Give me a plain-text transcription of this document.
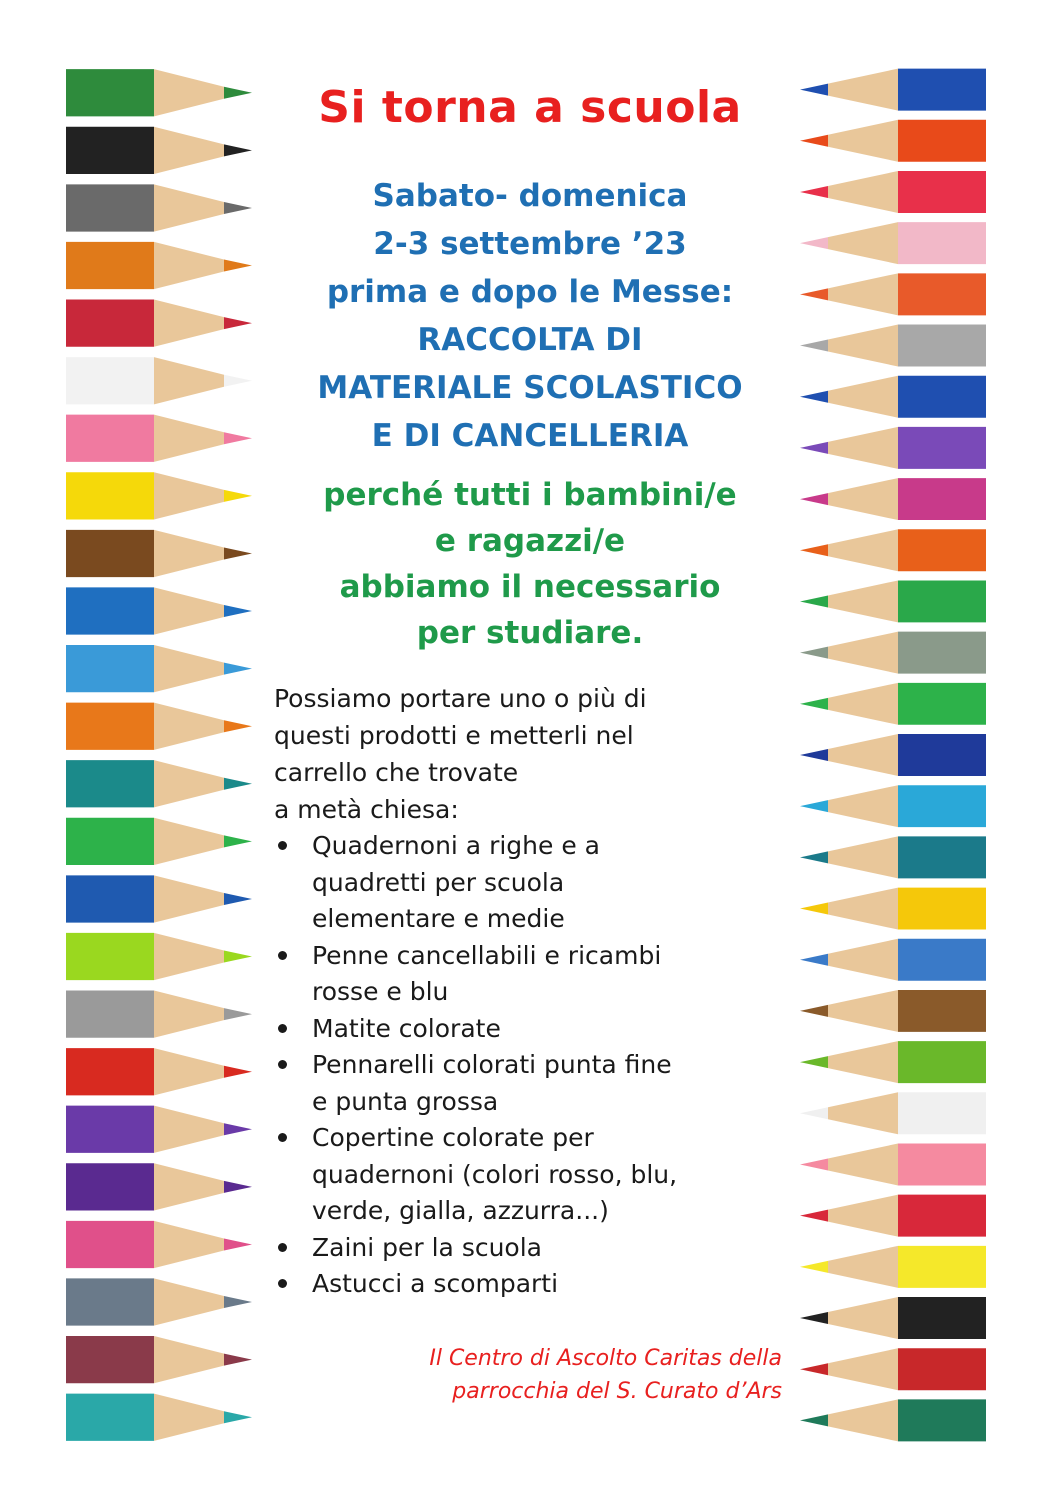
Si torna a scuola
Sabato- domenica
2-3 settembre ’23
prima e dopo le Messe:
RACCOLTA DI
MATERIALE SCOLASTICO
E DI CANCELLERIA
perché tutti i bambini/e
e ragazzi/e
abbiamo il necessario
per studiare.
Possiamo portare uno o più di
questi prodotti e metterli nel
carrello che trovate
a metà chiesa:
Quadernoni a righe e a
quadretti per scuola
elementare e medie
Penne cancellabili e ricambi
rosse e blu
Matite colorate
Pennarelli colorati punta fine
e punta grossa
Copertine colorate per
quadernoni (colori rosso, blu,
verde, gialla, azzurra...)
Zaini per la scuola
Astucci a scomparti
Il Centro di Ascolto Caritas della
parrocchia del S. Curato d’Ars
